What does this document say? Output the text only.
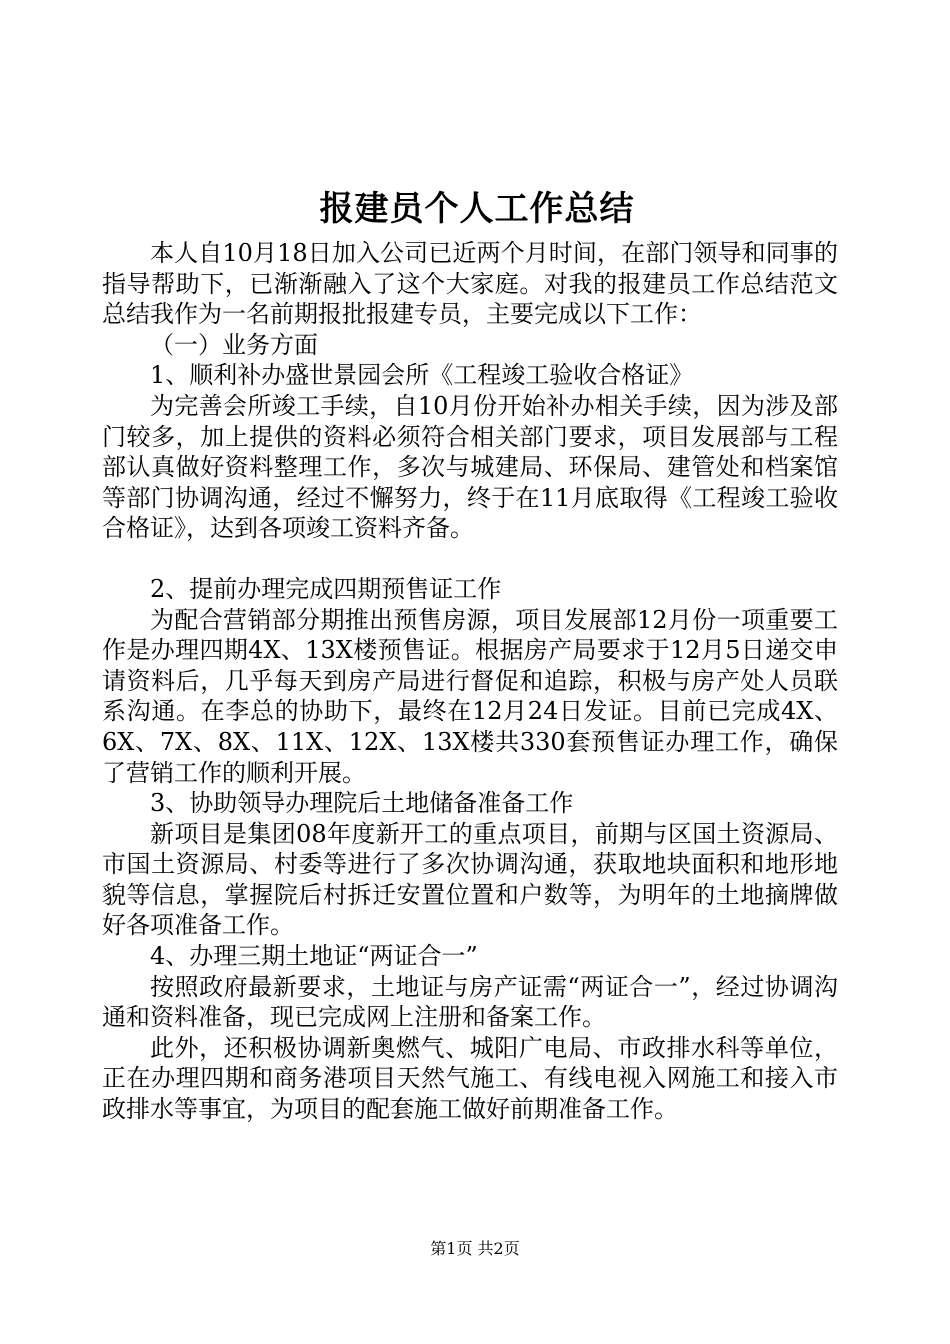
报建员个人工作总结

本人自10月18日加入公司已近两个月时间，在部门领导和同事的指导帮助下，已渐渐融入了这个大家庭。对我的报建员工作总结范文总结我作为一名前期报批报建专员，主要完成以下工作：

（一）业务方面

1、顺利补办盛世景园会所《工程竣工验收合格证》

为完善会所竣工手续，自10月份开始补办相关手续，因为涉及部门较多，加上提供的资料必须符合相关部门要求，项目发展部与工程部认真做好资料整理工作，多次与城建局、环保局、建管处和档案馆等部门协调沟通，经过不懈努力，终于在11月底取得《工程竣工验收合格证》，达到各项竣工资料齐备。

2、提前办理完成四期预售证工作

为配合营销部分期推出预售房源，项目发展部12月份一项重要工作是办理四期4X、13X楼预售证。根据房产局要求于12月5日递交申请资料后，几乎每天到房产局进行督促和追踪，积极与房产处人员联系沟通。在李总的协助下，最终在12月24日发证。目前已完成4X、6X、7X、8X、11X、12X、13X楼共330套预售证办理工作，确保了营销工作的顺利开展。

3、协助领导办理院后土地储备准备工作

新项目是集团08年度新开工的重点项目，前期与区国土资源局、市国土资源局、村委等进行了多次协调沟通，获取地块面积和地形地貌等信息，掌握院后村拆迁安置位置和户数等，为明年的土地摘牌做好各项准备工作。

4、办理三期土地证“两证合一”

按照政府最新要求，土地证与房产证需“两证合一”，经过协调沟通和资料准备，现已完成网上注册和备案工作。

此外，还积极协调新奥燃气、城阳广电局、市政排水科等单位，正在办理四期和商务港项目天然气施工、有线电视入网施工和接入市政排水等事宜，为项目的配套施工做好前期准备工作。

第1页 共2页
